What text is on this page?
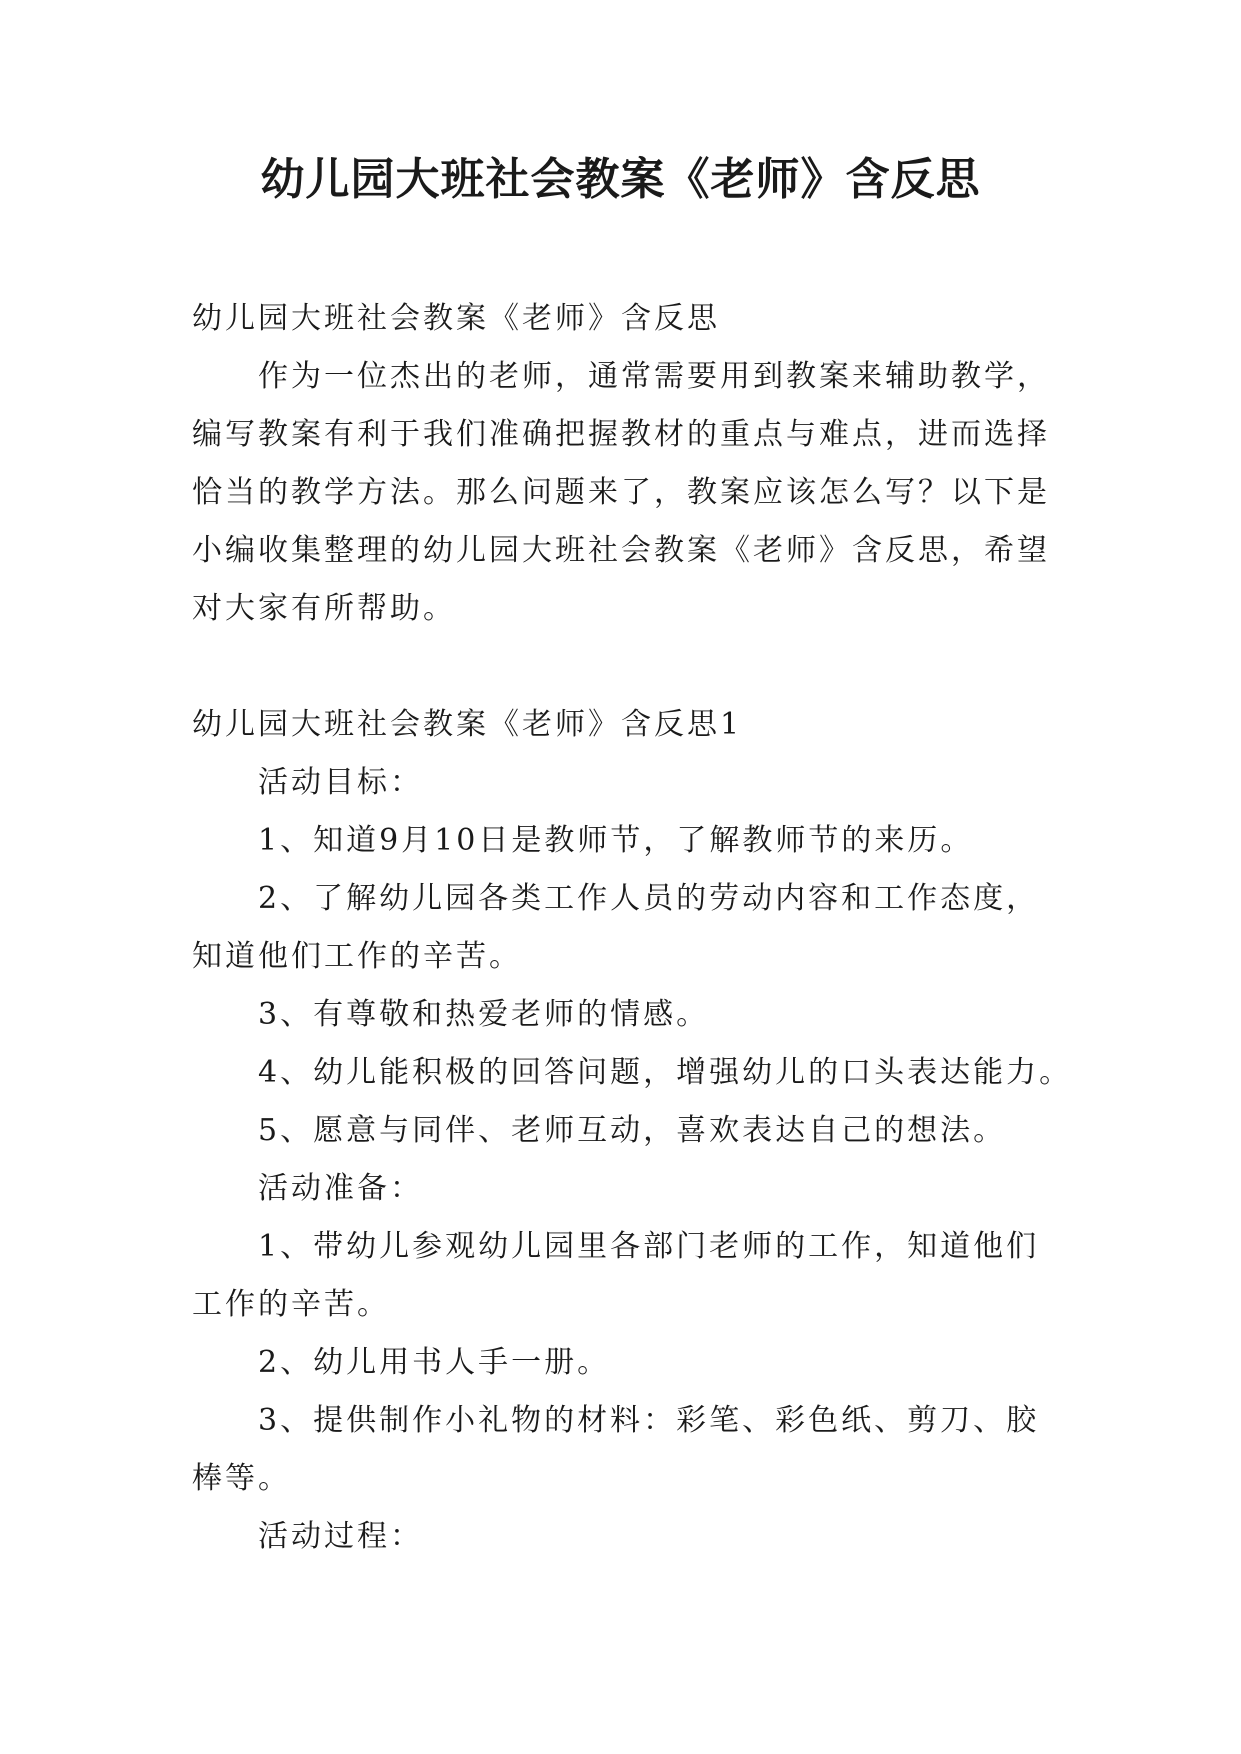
幼儿园大班社会教案《老师》含反思

幼儿园大班社会教案《老师》含反思

作为一位杰出的老师，通常需要用到教案来辅助教学，

编写教案有利于我们准确把握教材的重点与难点，进而选择

恰当的教学方法。那么问题来了，教案应该怎么写？以下是

小编收集整理的幼儿园大班社会教案《老师》含反思，希望

对大家有所帮助。

幼儿园大班社会教案《老师》含反思1

活动目标：

1、知道9月10日是教师节，了解教师节的来历。

2、了解幼儿园各类工作人员的劳动内容和工作态度，

知道他们工作的辛苦。

3、有尊敬和热爱老师的情感。

4、幼儿能积极的回答问题，增强幼儿的口头表达能力。

5、愿意与同伴、老师互动，喜欢表达自己的想法。

活动准备：

1、带幼儿参观幼儿园里各部门老师的工作，知道他们

工作的辛苦。

2、幼儿用书人手一册。

3、提供制作小礼物的材料：彩笔、彩色纸、剪刀、胶

棒等。

活动过程：
